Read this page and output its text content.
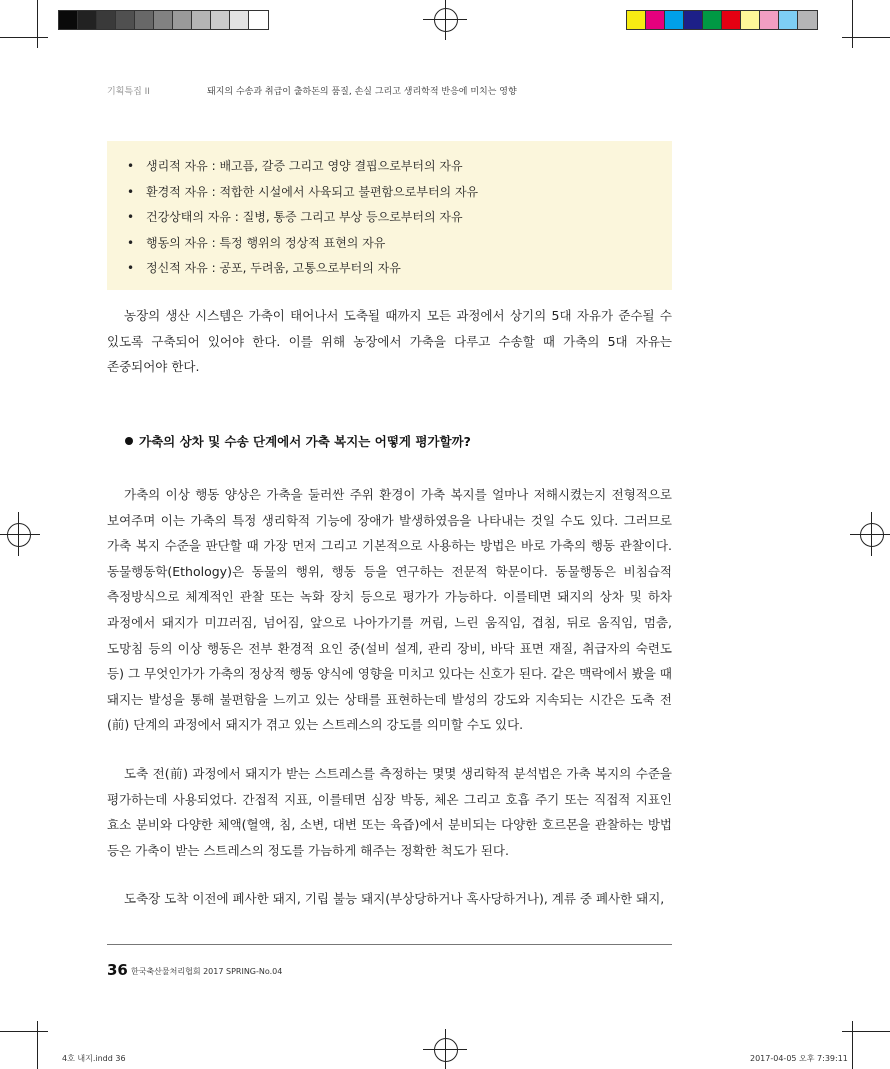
기획특집 II	돼지의 수송과 취급이 출하돈의 품질, 손실 그리고 생리학적 반응에 미치는 영향
• 생리적 자유 : 배고픔, 갈증 그리고 영양 결핍으로부터의 자유
• 환경적 자유 : 적합한 시설에서 사육되고 불편함으로부터의 자유
• 건강상태의 자유 : 질병, 통증 그리고 부상 등으로부터의 자유
• 행동의 자유 : 특정 행위의 정상적 표현의 자유
• 정신적 자유 : 공포, 두려움, 고통으로부터의 자유

농장의 생산 시스템은 가축이 태어나서 도축될 때까지 모든 과정에서 상기의 5대 자유가 준수될 수 있도록 구축되어 있어야 한다. 이를 위해 농장에서 가축을 다루고 수송할 때 가축의 5대 자유는 존중되어야 한다.

가축의 상차 및 수송 단계에서 가축 복지는 어떻게 평가할까?

가축의 이상 행동 양상은 가축을 둘러싼 주위 환경이 가축 복지를 얼마나 저해시켰는지 전형적으로 보여주며 이는 가축의 특정 생리학적 기능에 장애가 발생하였음을 나타내는 것일 수도 있다. 그러므로 가축 복지 수준을 판단할 때 가장 먼저 그리고 기본적으로 사용하는 방법은 바로 가축의 행동 관찰이다. 동물행동학(Ethology)은 동물의 행위, 행동 등을 연구하는 전문적 학문이다. 동물행동은 비침습적 측정방식으로 체계적인 관찰 또는 녹화 장치 등으로 평가가 가능하다. 이를테면 돼지의 상차 및 하차 과정에서 돼지가 미끄러짐, 넘어짐, 앞으로 나아가기를 꺼림, 느린 움직임, 겹침, 뒤로 움직임, 멈춤, 도망침 등의 이상 행동은 전부 환경적 요인 중(설비 설계, 관리 장비, 바닥 표면 재질, 취급자의 숙련도 등) 그 무엇인가가 가축의 정상적 행동 양식에 영향을 미치고 있다는 신호가 된다. 같은 맥락에서 봤을 때 돼지는 발성을 통해 불편함을 느끼고 있는 상태를 표현하는데 발성의 강도와 지속되는 시간은 도축 전(前) 단계의 과정에서 돼지가 겪고 있는 스트레스의 강도를 의미할 수도 있다.

도축 전(前) 과정에서 돼지가 받는 스트레스를 측정하는 몇몇 생리학적 분석법은 가축 복지의 수준을 평가하는데 사용되었다. 간접적 지표, 이를테면 심장 박동, 체온 그리고 호흡 주기 또는 직접적 지표인 효소 분비와 다양한 체액(혈액, 침, 소변, 대변 또는 육즙)에서 분비되는 다양한 호르몬을 관찰하는 방법 등은 가축이 받는 스트레스의 정도를 가늠하게 해주는 정확한 척도가 된다.

도축장 도착 이전에 폐사한 돼지, 기립 불능 돼지(부상당하거나 혹사당하거나), 계류 중 폐사한 돼지,

36 한국축산물처리협회 2017 SPRING-No.04
4호 내지.indd 36	2017-04-05 오후 7:39:11
